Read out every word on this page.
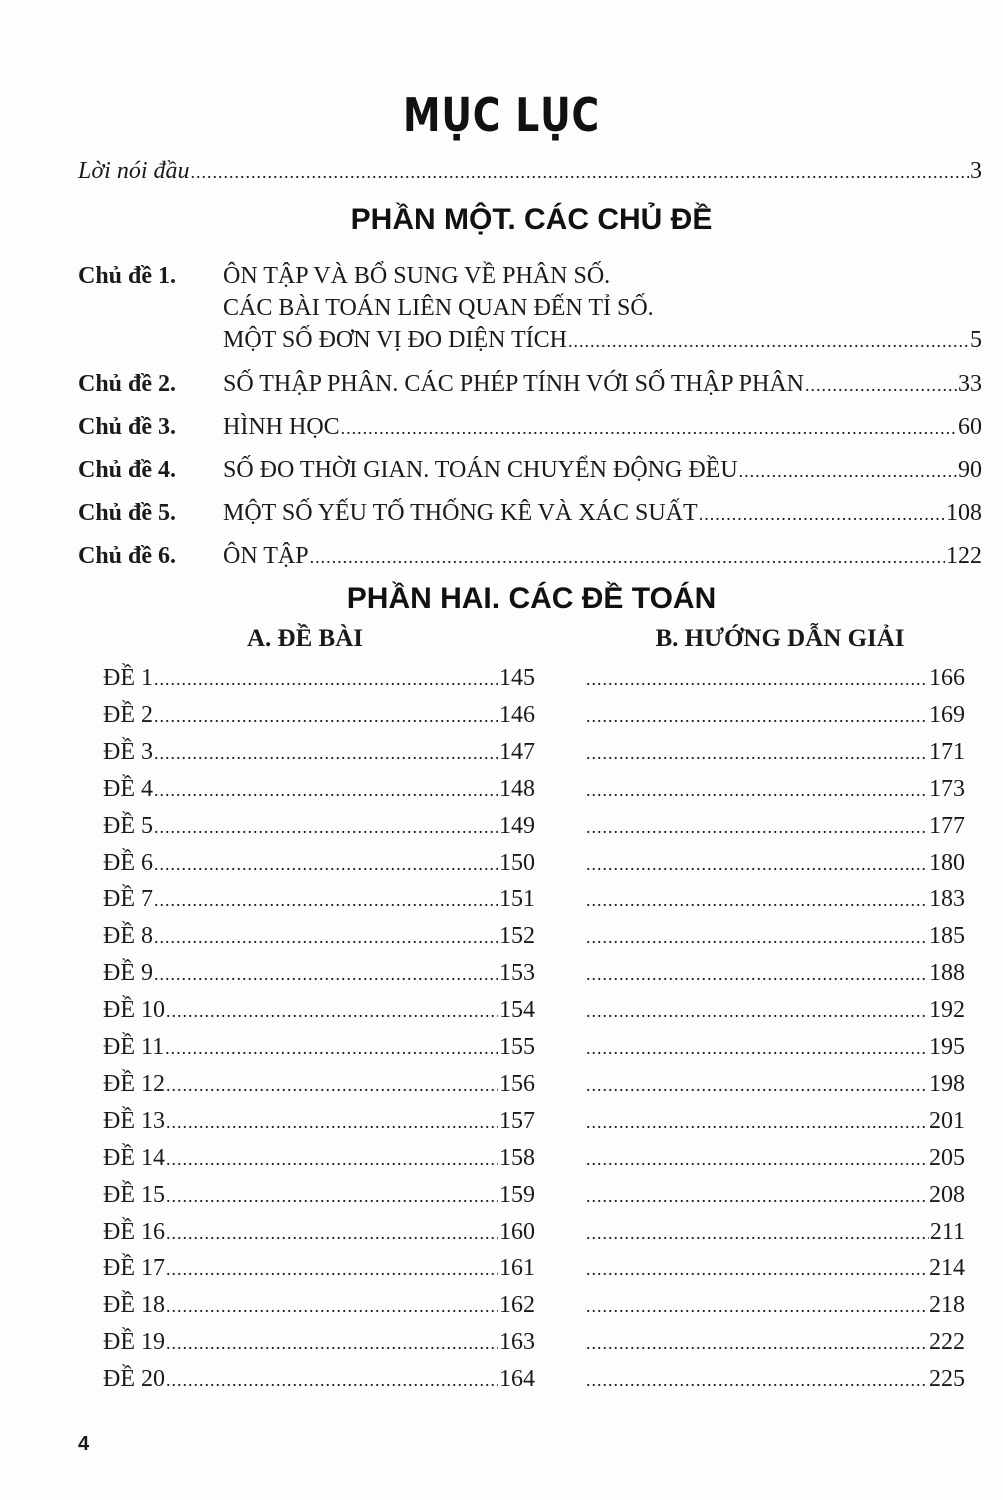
MỤC LỤC
Lời nói đầu .....	3
PHẦN MỘT. CÁC CHỦ ĐỀ
Chủ đề 1.	ÔN TẬP VÀ BỔ SUNG VỀ PHÂN SỐ.
CÁC BÀI TOÁN LIÊN QUAN ĐẾN TỈ SỐ.
MỘT SỐ ĐƠN VỊ ĐO DIỆN TÍCH .....	5
Chủ đề 2.	SỐ THẬP PHÂN. CÁC PHÉP TÍNH VỚI SỐ THẬP PHÂN .....	33
Chủ đề 3.	HÌNH HỌC .....	60
Chủ đề 4.	SỐ ĐO THỜI GIAN. TOÁN CHUYỂN ĐỘNG ĐỀU .....	90
Chủ đề 5.	MỘT SỐ YẾU TỐ THỐNG KÊ VÀ XÁC SUẤT .....	108
Chủ đề 6.	ÔN TẬP .....	122
PHẦN HAI. CÁC ĐỀ TOÁN
A. ĐỀ BÀI	B. HƯỚNG DẪN GIẢI
ĐỀ 1 .....	145 .....	166
ĐỀ 2 .....	146 .....	169
ĐỀ 3 .....	147 .....	171
ĐỀ 4 .....	148 .....	173
ĐỀ 5 .....	149 .....	177
ĐỀ 6 .....	150 .....	180
ĐỀ 7 .....	151 .....	183
ĐỀ 8 .....	152 .....	185
ĐỀ 9 .....	153 .....	188
ĐỀ 10 .....	154 .....	192
ĐỀ 11 .....	155 .....	195
ĐỀ 12 .....	156 .....	198
ĐỀ 13 .....	157 .....	201
ĐỀ 14 .....	158 .....	205
ĐỀ 15 .....	159 .....	208
ĐỀ 16 .....	160 .....	211
ĐỀ 17 .....	161 .....	214
ĐỀ 18 .....	162 .....	218
ĐỀ 19 .....	163 .....	222
ĐỀ 20 .....	164 .....	225
4
